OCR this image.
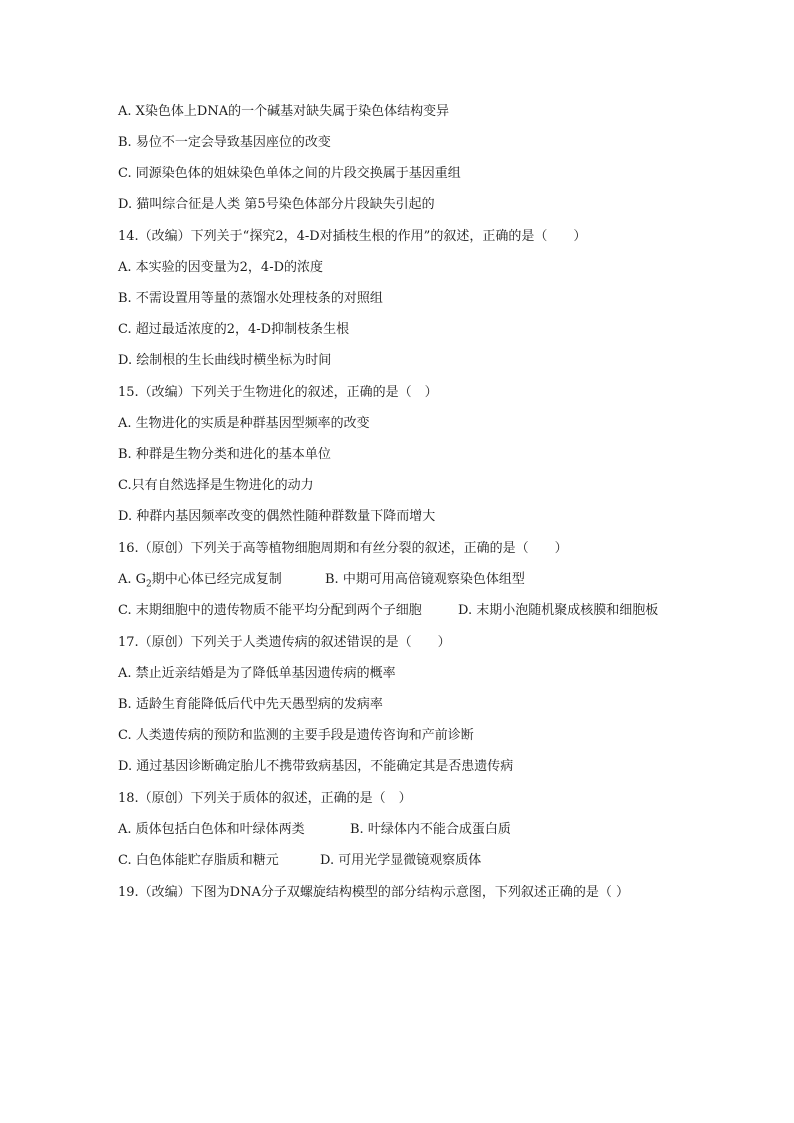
A. X染色体上DNA的一个碱基对缺失属于染色体结构变异
B. 易位不一定会导致基因座位的改变
C. 同源染色体的姐妹染色单体之间的片段交换属于基因重组
D. 猫叫综合征是人类 第5号染色体部分片段缺失引起的
14.（改编）下列关于“探究2，4-D对插枝生根的作用”的叙述，正确的是（　　）
A. 本实验的因变量为2，4-D的浓度
B. 不需设置用等量的蒸馏水处理枝条的对照组
C. 超过最适浓度的2，4-D抑制枝条生根
D. 绘制根的生长曲线时横坐标为时间
15.（改编）下列关于生物进化的叙述，正确的是（　）
A. 生物进化的实质是种群基因型频率的改变
B. 种群是生物分类和进化的基本单位
C.只有自然选择是生物进化的动力
D. 种群内基因频率改变的偶然性随种群数量下降而增大
16.（原创）下列关于高等植物细胞周期和有丝分裂的叙述，正确的是（　　）
A. $G_2$期中心体已经完成复制	B. 中期可用高倍镜观察染色体组型
C. 末期细胞中的遗传物质不能平均分配到两个子细胞	D. 末期小泡随机聚成核膜和细胞板
17.（原创）下列关于人类遗传病的叙述错误的是（　　）
A. 禁止近亲结婚是为了降低单基因遗传病的概率
B. 适龄生育能降低后代中先天愚型病的发病率
C. 人类遗传病的预防和监测的主要手段是遗传咨询和产前诊断
D. 通过基因诊断确定胎儿不携带致病基因，不能确定其是否患遗传病
18.（原创）下列关于质体的叙述，正确的是（　）
A. 质体包括白色体和叶绿体两类	B. 叶绿体内不能合成蛋白质
C. 白色体能贮存脂质和糖元	D. 可用光学显微镜观察质体
19.（改编）下图为DNA分子双螺旋结构模型的部分结构示意图，下列叙述正确的是（ ）
